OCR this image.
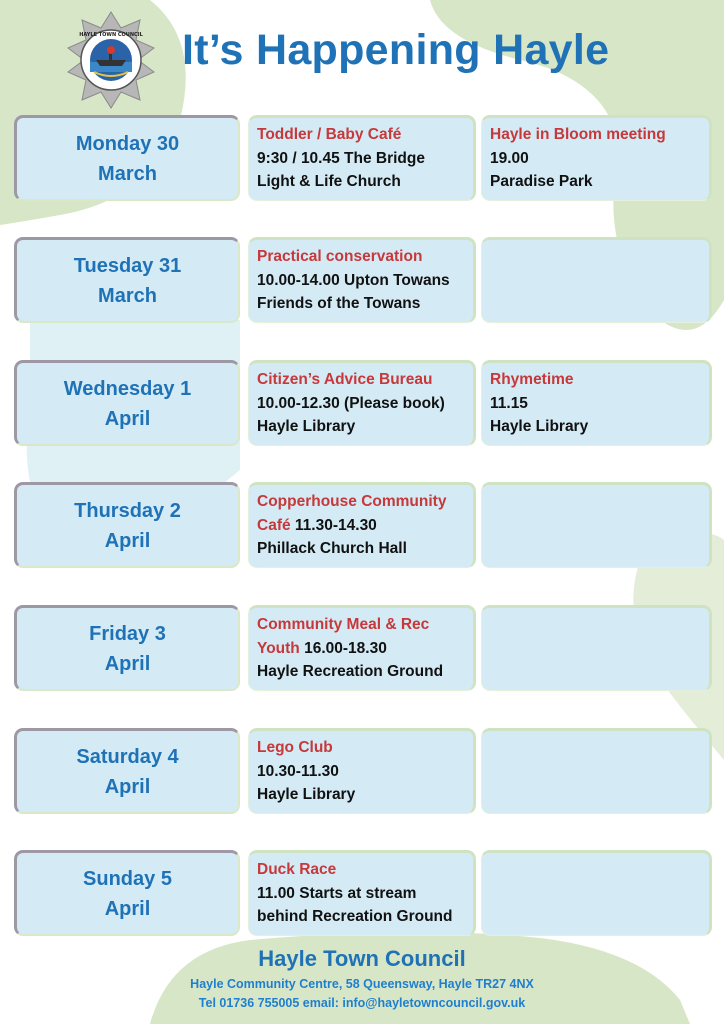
HAYLE TOWN COUNCIL It’s Happening Hayle
Monday 30
March
Toddler / Baby Café
9:30 / 10.45 The Bridge
Light & Life Church
Hayle in Bloom meeting
19.00
Paradise Park
Tuesday 31
March
Practical conservation
10.00-14.00 Upton Towans
Friends of the Towans
Wednesday 1
April
Citizen’s Advice Bureau
10.00-12.30 (Please book)
Hayle Library
Rhymetime
11.15
Hayle Library
Thursday 2
April
Copperhouse Community
Café 11.30-14.30
Phillack Church Hall
Friday 3
April
Community Meal & Rec
Youth 16.00-18.30
Hayle Recreation Ground
Saturday 4
April
Lego Club
10.30-11.30
Hayle Library
Sunday 5
April
Duck Race
11.00 Starts at stream
behind Recreation Ground
Hayle Town Council
Hayle Community Centre, 58 Queensway, Hayle TR27 4NX
Tel 01736 755005 email: info@hayletowncouncil.gov.uk
